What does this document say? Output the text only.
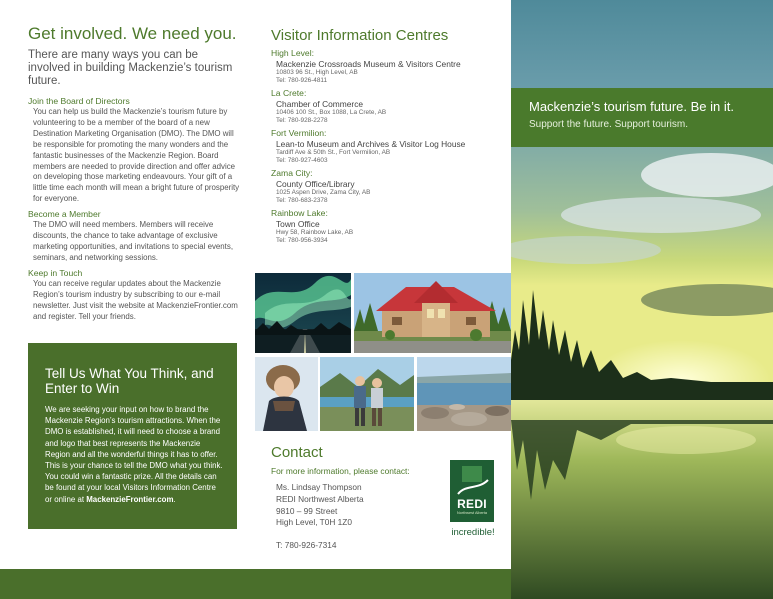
Get involved. We need you.

There are many ways you can be involved in building Mackenzie’s tourism future.

Join the Board of Directors

You can help us build the Mackenzie’s tourism future by volunteering to be a member of the board of a new Destination Marketing Organisation (DMO). The DMO will be responsible for promoting the many wonders and the fantastic businesses of the Mackenzie Region. Board members are needed to provide direction and offer advice on developing those marketing endeavours. Your gift of a little time each month will mean a bright future of prosperity for everyone.

Become a Member

The DMO will need members. Members will receive discounts, the chance to take advantage of exclusive marketing opportunities, and invitations to special events, seminars, and networking sessions.

Keep in Touch

You can receive regular updates about the Mackenzie Region’s tourism industry by subscribing to our e-mail newsletter. Just visit the website at MackenzieFrontier.com and register. Tell your friends.

Tell Us What You Think, and Enter to Win

We are seeking your input on how to brand the Mackenzie Region’s tourism attractions. When the DMO is established, it will need to choose a brand and logo that best represents the Mackenzie Region and all the wonderful things it has to offer. This is your chance to tell the DMO what you think. You could win a fantastic prize. All the details can be found at your local Visitors Information Centre or online at MackenzieFrontier.com.

Visitor Information Centres
High Level:
Mackenzie Crossroads Museum & Visitors Centre
10803 96 St., High Level, AB
Tel: 780-926-4811
La Crete:
Chamber of Commerce
10406 100 St., Box 1088, La Crete, AB
Tel: 780-928-2278
Fort Vermilion:
Lean-to Museum and Archives & Visitor Log House
Tardiff Ave & 50th St., Fort Vermilion, AB
Tel: 780-927-4603
Zama City:
County Office/Library
1025 Aspen Drive, Zama City, AB
Tel: 780-683-2378
Rainbow Lake:
Town Office
Hwy 58, Rainbow Lake, AB
Tel: 780-956-3934
Contact
For more information, please contact:
Ms. Lindsay Thompson
REDI Northwest Alberta
9810 – 99 Street
High Level, T0H 1Z0
T: 780-926-7314
REDI
Northwest Alberta
incredible!
Mackenzie’s tourism future. Be in it.
Support the future. Support tourism.
